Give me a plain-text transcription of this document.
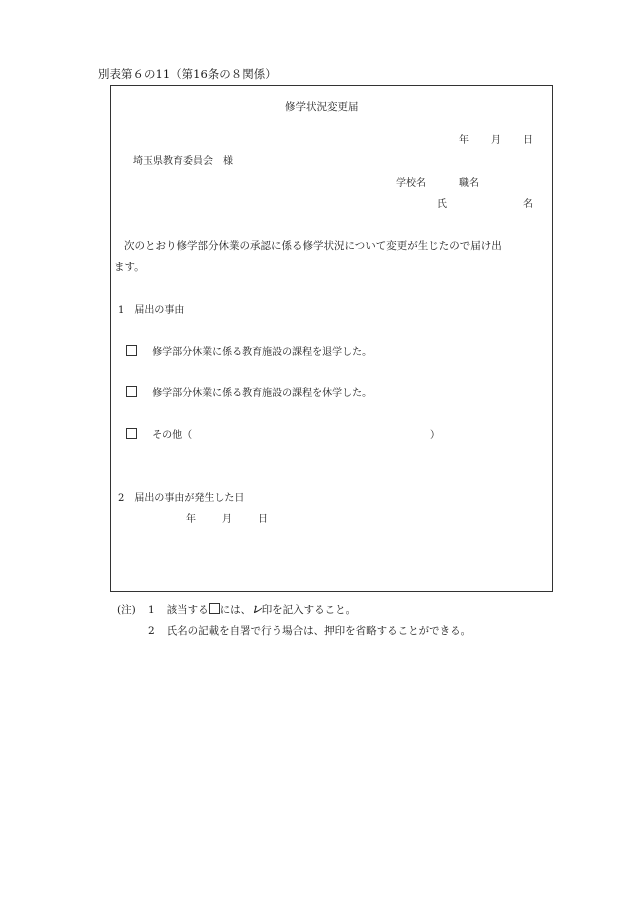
別表第６の11（第16条の８関係）
修学状況変更届
年 月 日
埼玉県教育委員会　様
学校名	職名
氏	名
次のとおり修学部分休業の承認に係る修学状況について変更が生じたので届け出
ます。
1　届出の事由
修学部分休業に係る教育施設の課程を退学した。
修学部分休業に係る教育施設の課程を休学した。
その他（	）
2　届出の事由が発生した日
年	月	日
(注) 1 該当する には、レ印を記入すること。
2 氏名の記載を自署で行う場合は、押印を省略することができる。
